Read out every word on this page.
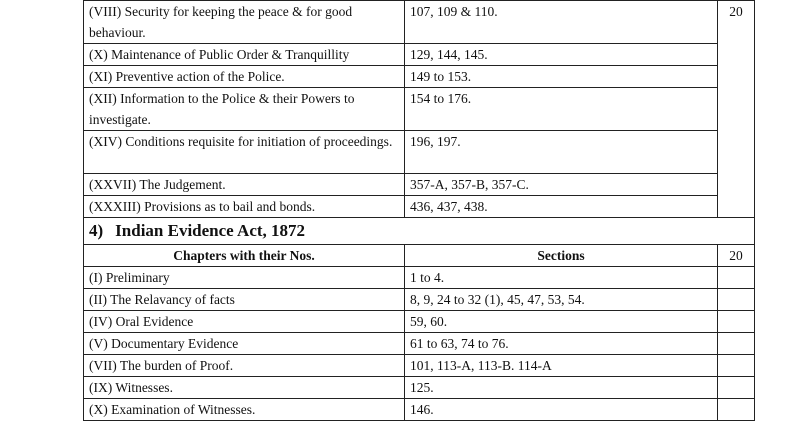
(VIII) Security for keeping the peace & for good behaviour.	107, 109 & 110.	20
(X) Maintenance of Public Order & Tranquillity	129, 144, 145.	
(XI) Preventive action of the Police.	149 to 153.	
(XII) Information to the Police & their Powers to investigate.	154 to 176.	
(XIV) Conditions requisite for initiation of proceedings.	196, 197.	
(XXVII) The Judgement.	357-A, 357-B, 357-C.	
(XXXIII) Provisions as to bail and bonds.	436, 437, 438.	
4) Indian Evidence Act, 1872		
Chapters with their Nos.	Sections	20
(I) Preliminary	1 to 4.	
(II) The Relavancy of facts	8, 9, 24 to 32 (1), 45, 47, 53, 54.	
(IV) Oral Evidence	59, 60.	
(V) Documentary Evidence	61 to 63, 74 to 76.	
(VII) The burden of Proof.	101, 113-A, 113-B. 114-A	
(IX) Witnesses.	125.	
(X) Examination of Witnesses.	146.	
